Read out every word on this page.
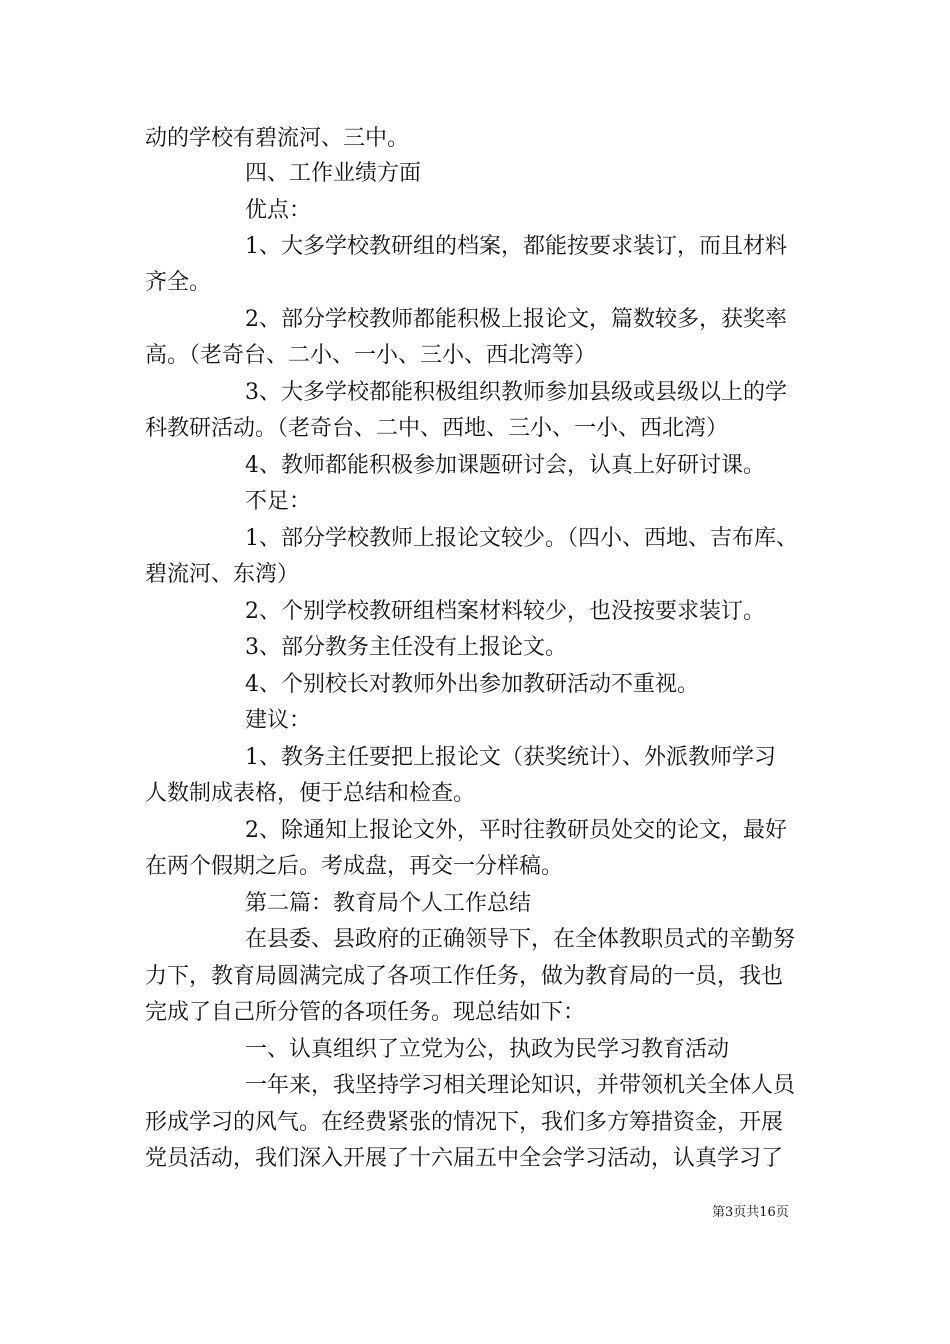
动的学校有碧流河、三中。
四、工作业绩方面
优点：
1、大多学校教研组的档案，都能按要求装订，而且材料
齐全。
2、部分学校教师都能积极上报论文，篇数较多，获奖率
高。（老奇台、二小、一小、三小、西北湾等）
3、大多学校都能积极组织教师参加县级或县级以上的学
科教研活动。（老奇台、二中、西地、三小、一小、西北湾）
4、教师都能积极参加课题研讨会，认真上好研讨课。
不足：
1、部分学校教师上报论文较少。（四小、西地、吉布库、
碧流河、东湾）
2、个别学校教研组档案材料较少，也没按要求装订。
3、部分教务主任没有上报论文。
4、个别校长对教师外出参加教研活动不重视。
建议：
1、教务主任要把上报论文（获奖统计）、外派教师学习
人数制成表格，便于总结和检查。
2、除通知上报论文外，平时往教研员处交的论文，最好
在两个假期之后。考成盘，再交一分样稿。
第二篇：教育局个人工作总结
在县委、县政府的正确领导下，在全体教职员式的辛勤努
力下，教育局圆满完成了各项工作任务，做为教育局的一员，我也
完成了自己所分管的各项任务。现总结如下：
一、认真组织了立党为公，执政为民学习教育活动
一年来，我坚持学习相关理论知识，并带领机关全体人员
形成学习的风气。在经费紧张的情况下，我们多方筹措资金，开展
党员活动，我们深入开展了十六届五中全会学习活动，认真学习了
第3页共16页
